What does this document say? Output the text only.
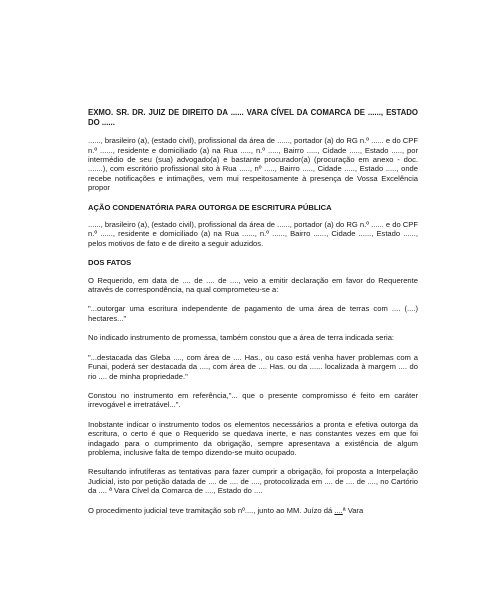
EXMO. SR. DR. JUIZ DE DIREITO DA ...... VARA CÍVEL DA COMARCA DE ......, ESTADO DO ......
......, brasileiro (a), (estado civil), profissional da área de ......, portador (a) do RG n.º ...... e do CPF n.º ......, residente e domiciliado (a) na Rua ....., n.º ....., Bairro ....., Cidade ....., Estado ....., por intermédio de seu (sua) advogado(a) e bastante procurador(a) (procuração em anexo - doc. .......), com escritório profissional sito à Rua ....., nº ....., Bairro ....., Cidade ....., Estado ....., onde recebe notificações e intimações, vem mui respeitosamente à presença de Vossa Excelência propor
AÇÃO CONDENATÓRIA PARA OUTORGA DE ESCRITURA PÚBLICA
......, brasileiro (a), (estado civil), profissional da área de ......, portador (a) do RG n.º ...... e do CPF n.º ......, residente e domiciliado (a) na Rua ......, n.º ......, Bairro ......, Cidade ......, Estado ......, pelos motivos de fato e de direito a seguir aduzidos.
DOS FATOS
O Requerido, em data de .... de .... de ...., veio a emitir declaração em favor do Requerente através de correspondência, na qual comprometeu-se a:
"...outorgar uma escritura independente de pagamento de uma área de terras com .... (....) hectares..."
No indicado instrumento de promessa, também constou que a área de terra indicada seria:
"...destacada das Gleba ...., com área de .... Has., ou caso está venha haver problemas com a Funai, poderá ser destacada da ...., com área de .... Has. ou da ...... localizada à margem .... do rio .... de minha propriedade."
Constou no instrumento em referência,"... que o presente compromisso é feito em caráter irrevogável e irretratável...".
Inobstante indicar o instrumento todos os elementos necessários a pronta e efetiva outorga da escritura, o certo é que o Requerido se quedava inerte, e nas constantes vezes em que foi indagado para o cumprimento da obrigação, sempre apresentava a existência de algum problema, inclusive falta de tempo dizendo-se muito ocupado.
Resultando infrutíferas as tentativas para fazer cumprir a obrigação, foi proposta a Interpelação Judicial, isto por petição datada de .... de .... de ...., protocolizada em .... de .... de ...., no Cartório da .... ª Vara Cível da Comarca de ...., Estado do ....
O procedimento judicial teve tramitação sob nº...., junto ao MM. Juízo dá ....ª Vara
